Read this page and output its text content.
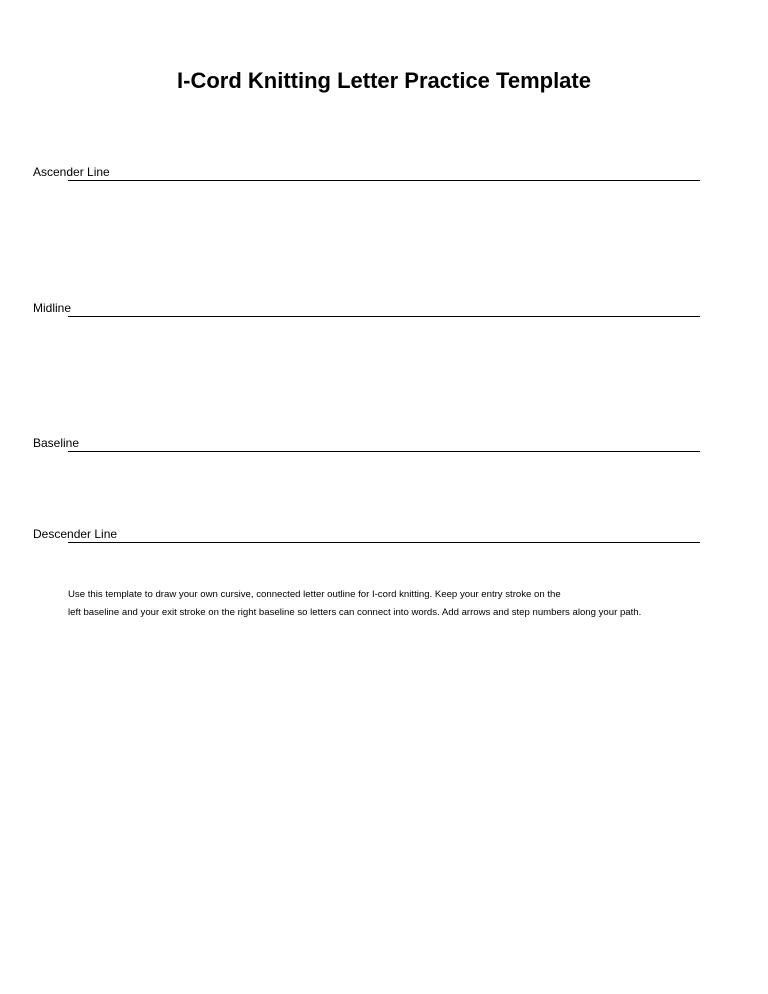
I-Cord Knitting Letter Practice Template
Ascender Line
Midline
Baseline
Descender Line
Use this template to draw your own cursive, connected letter outline for I-cord knitting. Keep your entry stroke on the
left baseline and your exit stroke on the right baseline so letters can connect into words. Add arrows and step numbers along your path.
